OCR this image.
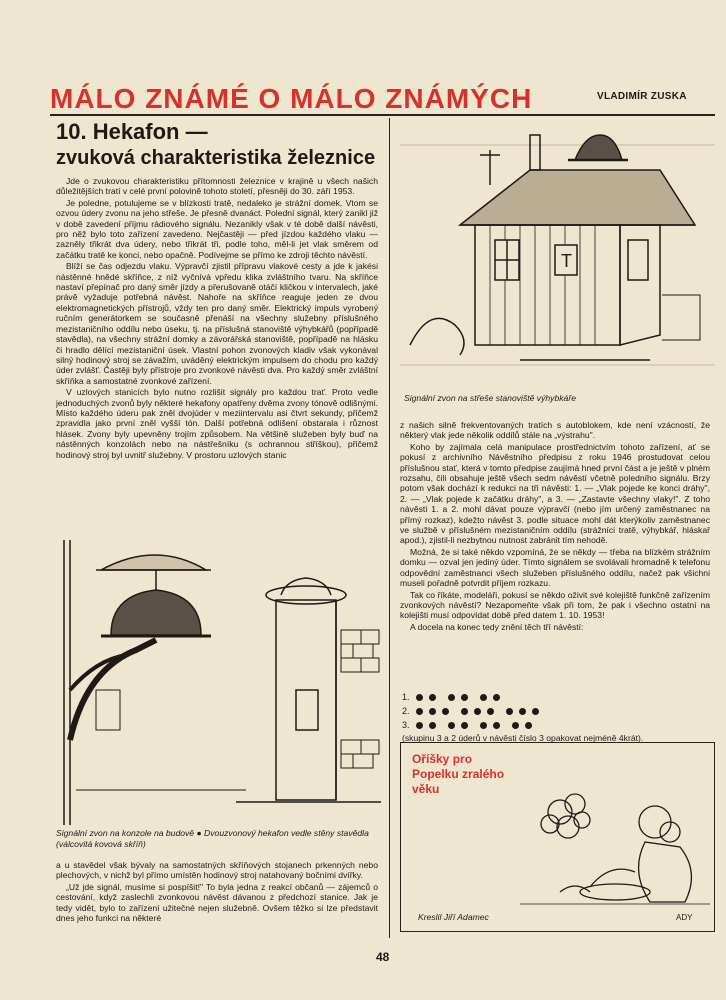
MÁLO ZNÁMÉ O MÁLO ZNÁMÝCH	VLADIMÍR ZUSKA
10. Hekafon —
zvuková charakteristika železnice

Jde o zvukovou charakteristiku přítomnosti železnice v krajině u všech našich důležitějších tratí v celé první polovině tohoto století, přesněji do 30. září 1953.

Je poledne, potulujeme se v blízkosti tratě, nedaleko je strážní domek. Vtom se ozvou údery zvonu na jeho střeše. Je přesně dvanáct. Polední signál, který zanikl již v době zavedení příjmu rádiového signálu. Nezanikly však v té době další návěsti, pro něž bylo toto zařízení zavedeno. Nejčastěji — před jízdou každého vlaku — zazněly třikrát dva údery, nebo třikrát tři, podle toho, měl-li jet vlak směrem od začátku tratě ke konci, nebo opačně. Podívejme se přímo ke zdroji těchto návěstí.

Blíží se čas odjezdu vlaku. Výpravčí zjistil přípravu vlakové cesty a jde k jakési nástěnné hnědé skříňce, z níž vyčnívá vpředu klika zvláštního tvaru. Na skříňce nastaví přepínač pro daný směr jízdy a přerušovaně otáčí kličkou v intervalech, jaké právě vyžaduje potřebná návěst. Nahoře na skříňce reaguje jeden ze dvou elektromagnetických přístrojů, vždy ten pro daný směr. Elektrický impuls vyrobený ručním generátorkem se současně přenáší na všechny služebny příslušného mezistaničního oddílu nebo úseku, tj. na příslušná stanoviště výhybkářů (popřípadě stavědla), na všechny strážní domky a závorářská stanoviště, popřípadě na hlásku či hradlo dělící mezistaniční úsek. Vlastní pohon zvonových kladiv však vykonával silný hodinový stroj se závažím, uváděný elektrickým impulsem do chodu pro každý úder zvlášť. Častěji byly přístroje pro zvonkové návěsti dva. Pro každý směr zvláštní skříňka a samostatné zvonkové zařízení.

V uzlových stanicích bylo nutno rozlišit signály pro každou trať. Proto vedle jednoduchých zvonů byly některé hekafony opatřeny dvěma zvony tónově odlišnými. Místo každého úderu pak zněl dvojúder v meziintervalu asi čtvrt sekundy, přičemž zpravidla jako první zněl vyšší tón. Další potřebná odlišení obstarala i různost hlásek. Zvony byly upevněny trojím způsobem. Na většině služeben byly buď na nástěnných konzolách nebo na nástřešníku (s ochrannou stříškou), přičemž hodinový stroj byl uvnitř služebny. V prostoru uzlových stanic

Signální zvon na konzole na budově ● Dvouzvonový hekafon vedle stěny stavědla (válcovitá kovová skříň)

a u stavědel však bývaly na samostatných skříňových stojanech prkenných nebo plechových, v nichž byl přímo umístěn hodinový stroj natahovaný bočními dvířky.

„Už jde signál, musíme si pospíšit!" To byla jedna z reakcí občanů — zájemců o cestování, když zaslechli zvonkovou návěst dávanou z předchozí stanice. Jak je tedy vidět, bylo to zařízení užitečné nejen služebně. Ovšem těžko si lze představit dnes jeho funkci na některé

T
Signální zvon na střeše stanoviště výhybkáře

z našich silně frekventovaných tratích s autoblokem, kde není vzácností, že některý vlak jede několik oddílů stále na „výstrahu".

Koho by zajímala celá manipulace prostřednictvím tohoto zařízení, ať se pokusí z archivního Návěstního předpisu z roku 1946 prostudovat celou příslušnou stať, která v tomto předpise zaujímá hned první část a je ještě v plném rozsahu, čili obsahuje ještě všech sedm návěstí včetně poledního signálu. Brzy potom však dochází k redukci na tři návěsti: 1. — „Vlak pojede ke konci dráhy", 2. — „Vlak pojede k začátku dráhy", a 3. — „Zastavte všechny vlaky!". Z toho návěsti 1. a 2. mohl dávat pouze výpravčí (nebo jím určený zaměstnanec na přímý rozkaz), kdežto návěst 3. podle situace mohl dát kterýkoliv zaměstnanec ve službě v příslušném mezistaničním oddílu (strážníci tratě, výhybkář, hláskař apod.), zjistil-li nezbytnou nutnost zabránit tím nehodě.

Možná, že si také někdo vzpomíná, že se někdy — třeba na blízkém strážním domku — ozval jen jediný úder. Tímto signálem se svolávali hromadně k telefonu odpovědní zaměstnanci všech služeben příslušného oddílu, načež pak všichni museli pořadně potvrdit příjem rozkazu.

Tak co říkáte, modeláři, pokusí se někdo oživit své kolejiště funkčně zařízením zvonkových návěstí? Nezapomeňte však při tom, že pak i všechno ostatní na kolejišti musí odpovídat době před datem 1. 10. 1953!

A docela na konec tedy znění těch tří návěstí:

1.
2.
3.
(skupinu 3 a 2 úderů v návěsti číslo 3 opakovat nejméně 4krát).
Oříšky pro Popelku zralého věku
Kreslil Jiří Adamec	ADY
48
